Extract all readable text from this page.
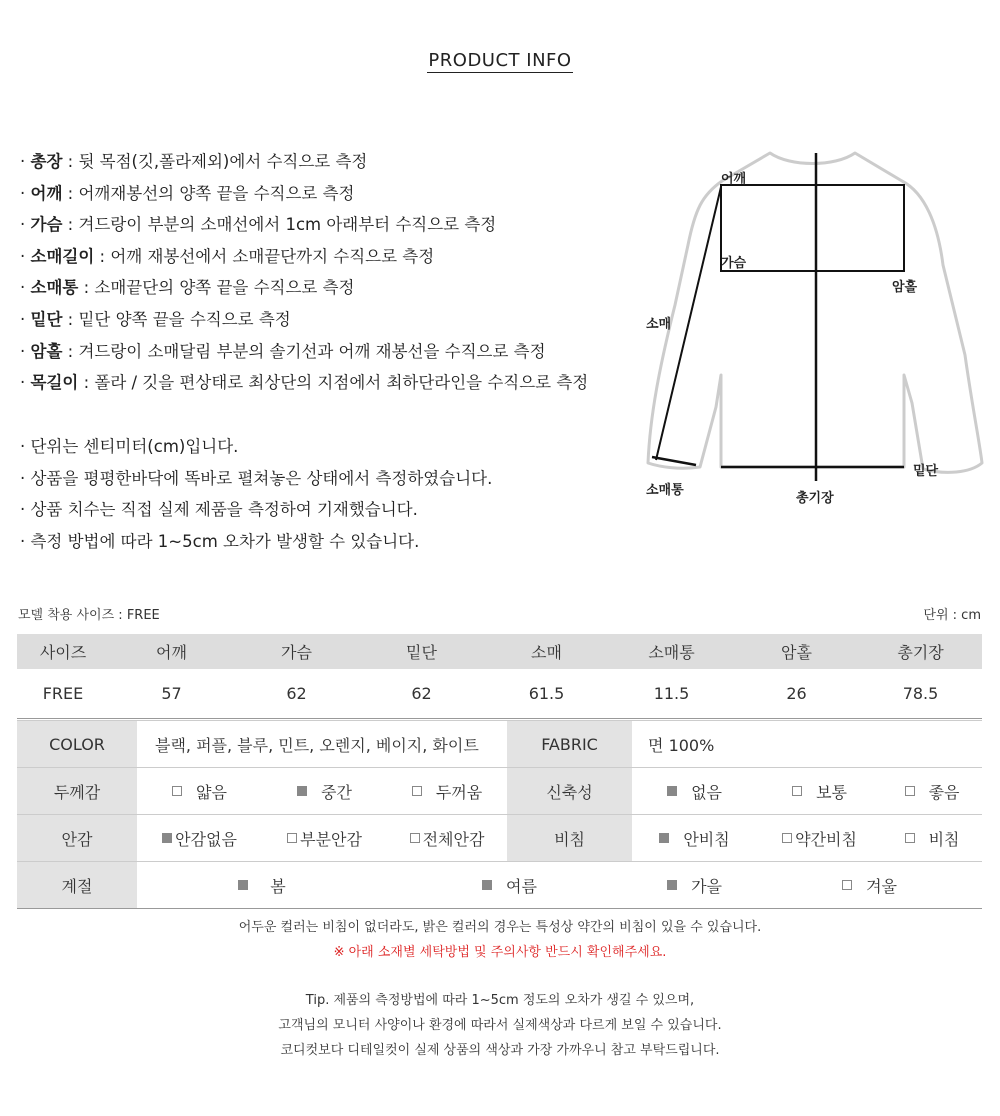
PRODUCT INFO
· 총장 : 뒷 목점(깃,폴라제외)에서 수직으로 측정
· 어깨 : 어깨재봉선의 양쪽 끝을 수직으로 측정
· 가슴 : 겨드랑이 부분의 소매선에서 1cm 아래부터 수직으로 측정
· 소매길이 : 어깨 재봉선에서 소매끝단까지 수직으로 측정
· 소매통 : 소매끝단의 양쪽 끝을 수직으로 측정
· 밑단 : 밑단 양쪽 끝을 수직으로 측정
· 암홀 : 겨드랑이 소매달림 부분의 솔기선과 어깨 재봉선을 수직으로 측정
· 목길이 : 폴라 / 깃을 편상태로 최상단의 지점에서 최하단라인을 수직으로 측정
· 단위는 센티미터(cm)입니다.
· 상품을 평평한바닥에 똑바로 펼쳐놓은 상태에서 측정하였습니다.
· 상품 치수는 직접 실제 제품을 측정하여 기재했습니다.
· 측정 방법에 따라 1~5cm 오차가 발생할 수 있습니다.
어깨
가슴
암홀
소매
밑단
소매통
총기장
모델 착용 사이즈 : FREE	단위 : cm
사이즈	어깨	가슴	밑단	소매	소매통	암홀	총기장
FREE	57	62	62	61.5	11.5	26	78.5
COLOR	블랙, 퍼플, 블루, 민트, 오렌지, 베이지, 화이트			FABRIC	면 100%		
두께감	얇음	중간	두꺼움	신축성	없음	보통	좋음
안감	안감없음	부분안감	전체안감	비침	안비침	약간비침	비침
계절	봄		여름		가을	겨울	
어두운 컬러는 비침이 없더라도, 밝은 컬러의 경우는 특성상 약간의 비침이 있을 수 있습니다.
※ 아래 소재별 세탁방법 및 주의사항 반드시 확인해주세요.
Tip. 제품의 측정방법에 따라 1~5cm 정도의 오차가 생길 수 있으며,
고객님의 모니터 사양이나 환경에 따라서 실제색상과 다르게 보일 수 있습니다.
코디컷보다 디테일컷이 실제 상품의 색상과 가장 가까우니 참고 부탁드립니다.
